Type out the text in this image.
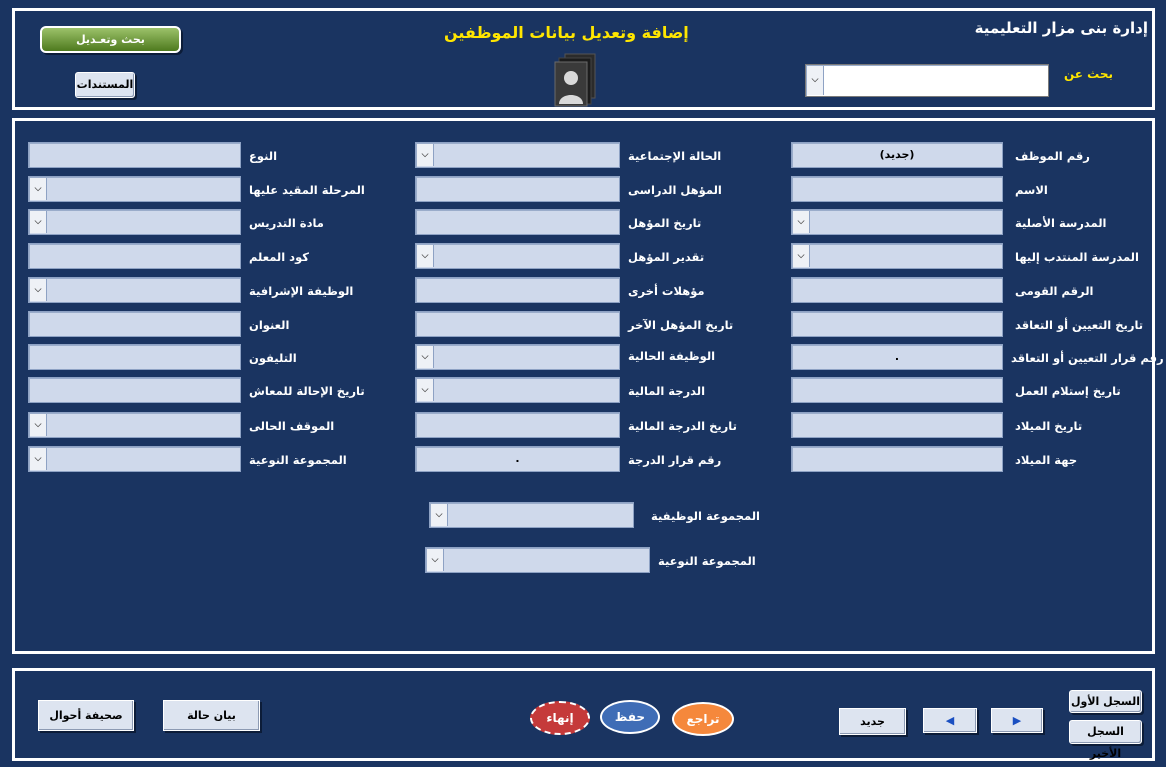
إدارة بنى مزار التعليمية
إضافة وتعديل بيانات الموظفين
بحث عن
⌵
بحث وتعـديل
المستندات
(جديد)	رقم الموظف
الاسم
⌵	المدرسة الأصلية
⌵	المدرسة المنتدب إليها
الرقم القومى
تاريخ التعيين أو التعاقد
.	رقم قرار التعيين أو التعاقد
تاريخ إستلام العمل
تاريخ الميلاد
جهة الميلاد
⌵	الحالة الإجتماعية
المؤهل الدراسى
تاريخ المؤهل
⌵	تقدير المؤهل
مؤهلات أخرى
تاريخ المؤهل الآخر
⌵	الوظيفة الحالية
⌵	الدرجة المالية
تاريخ الدرجة المالية
.	رقم قرار الدرجة
النوع
⌵	المرحلة المقيد عليها
⌵	مادة التدريس
كود المعلم
⌵	الوظيفة الإشرافية
العنوان
التليفون
تاريخ الإحالة للمعاش
⌵	الموقف الحالى
⌵	المجموعة النوعية
⌵	المجموعة الوظيفية
⌵	المجموعة النوعية
السجل الأول
السجل الأخير
▶
◀
جديد
تراجع
حفظ
إنهاء
بيان حالة
صحيفة أحوال
